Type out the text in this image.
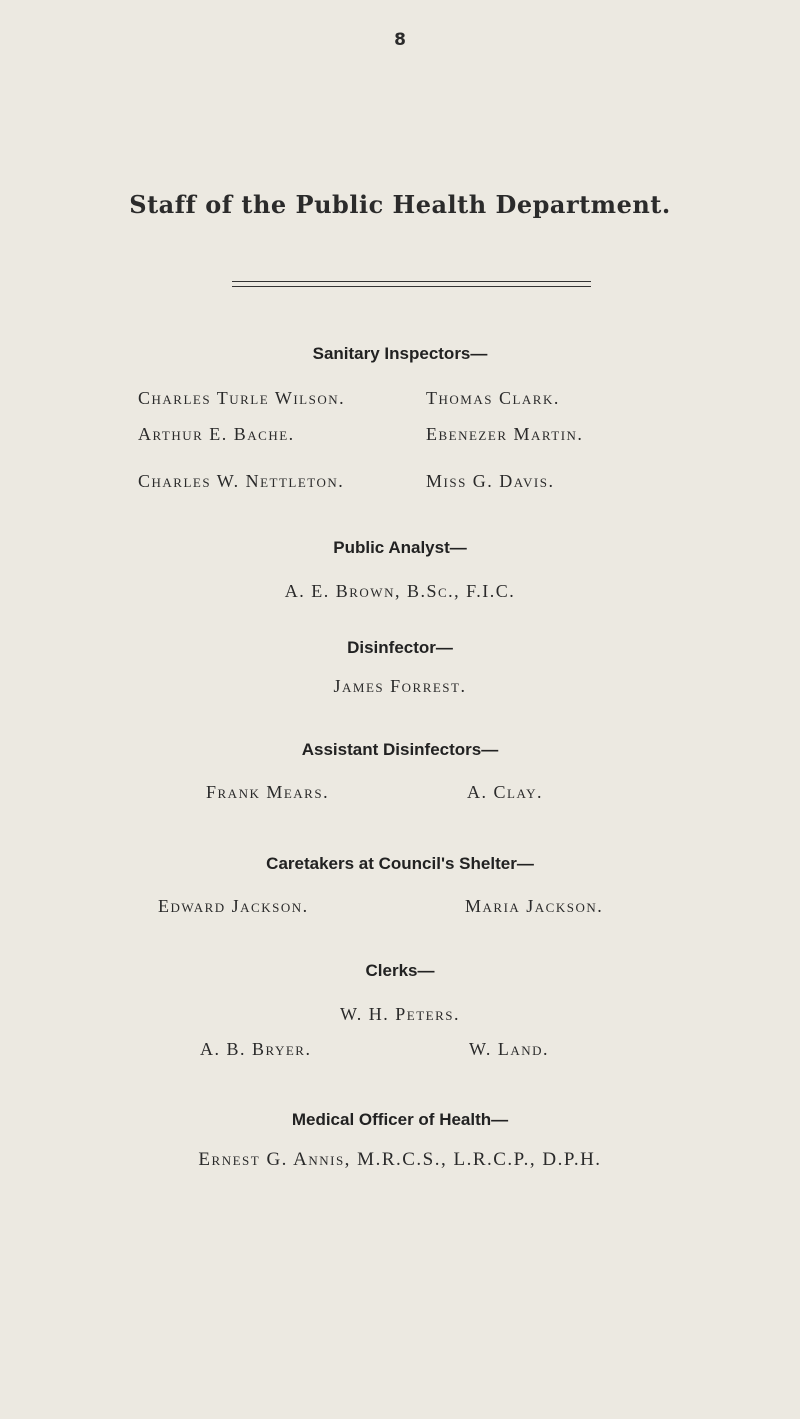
8
Staff of the Public Health Department.
Sanitary Inspectors—
Charles Turle Wilson.	Thomas Clark.
Arthur E. Bache.	Ebenezer Martin.
Charles W. Nettleton.	Miss G. Davis.
Public Analyst—
A. E. Brown, B.Sc., F.I.C.
Disinfector—
James Forrest.
Assistant Disinfectors—
Frank Mears.	A. Clay.
Caretakers at Council's Shelter—
Edward Jackson.	Maria Jackson.
Clerks—
W. H. Peters.
A. B. Bryer.	W. Land.
Medical Officer of Health—
Ernest G. Annis, M.R.C.S., L.R.C.P., D.P.H.
